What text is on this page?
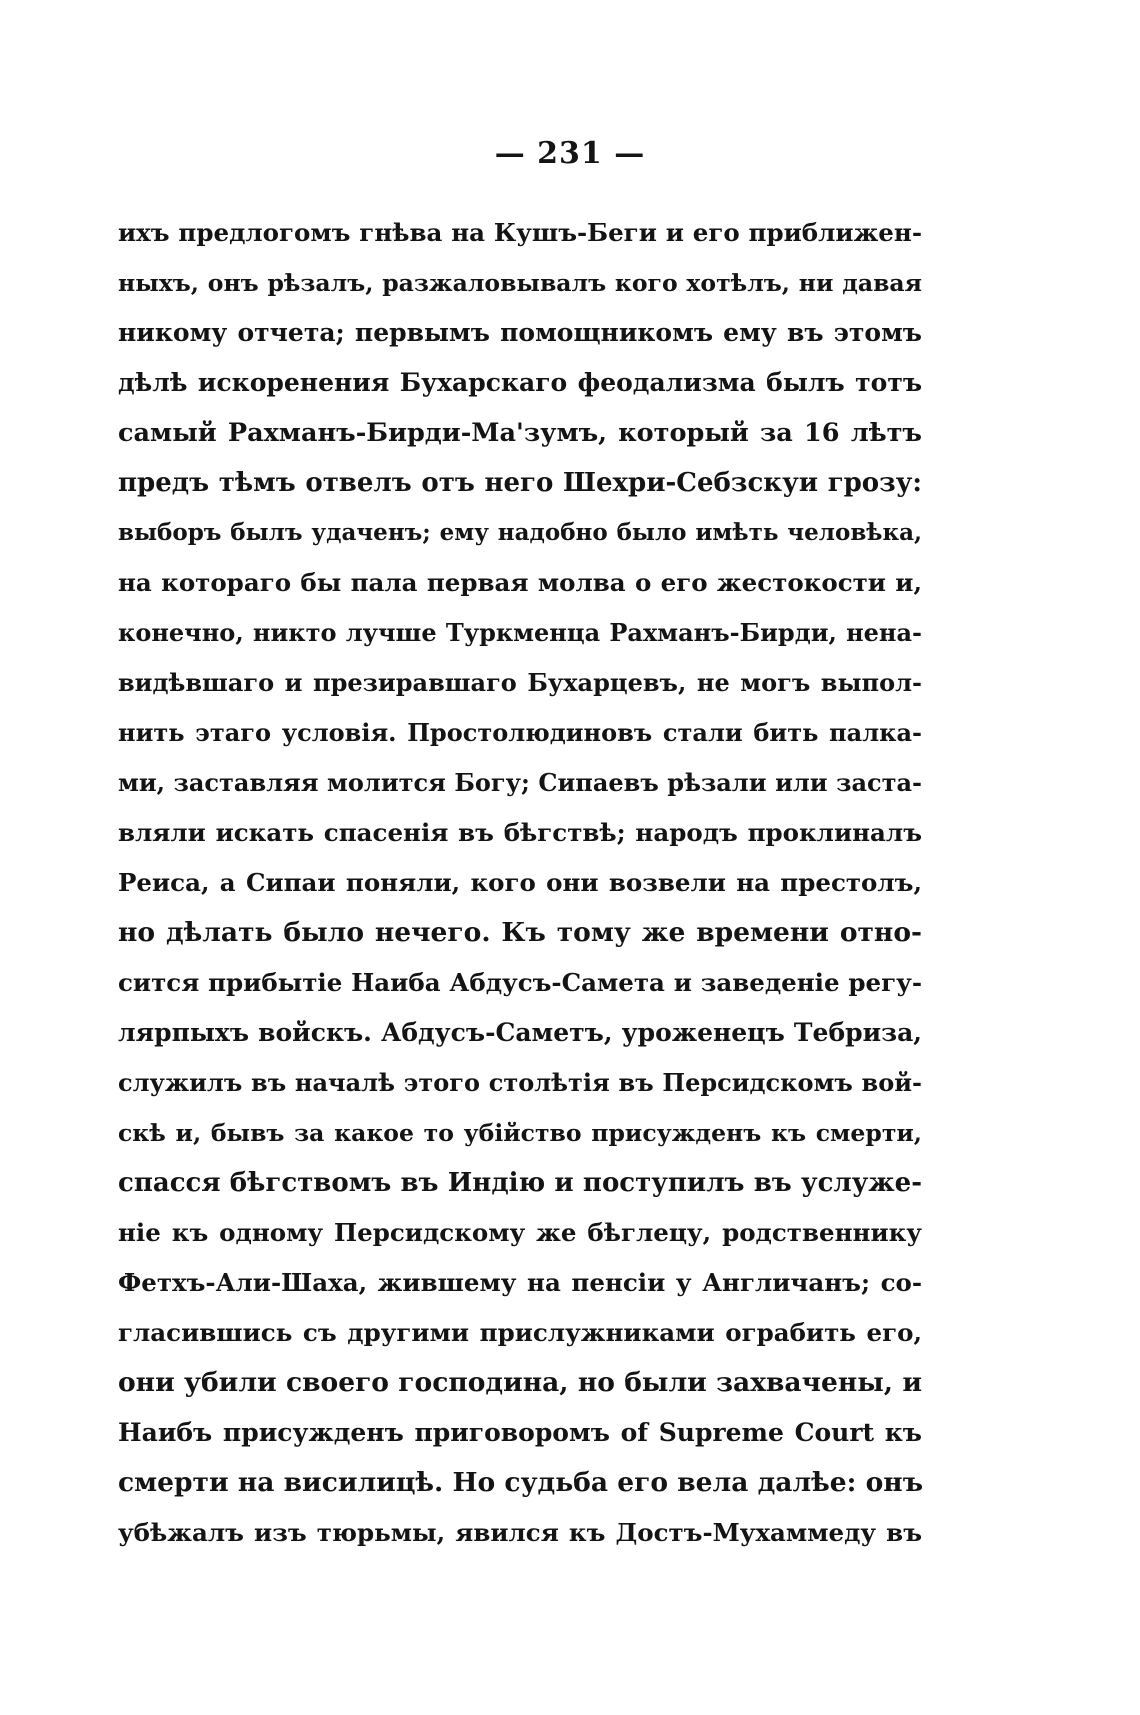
— 231 —
ихъ предлогомъ гнѣва на Кушъ-Беги и его приближен-
ныхъ, онъ рѣзалъ, разжаловывалъ кого хотѣлъ, ни давая
никому отчета; первымъ помощникомъ ему въ этомъ
дѣлѣ искоренения Бухарскаго феодализма былъ тотъ
самый Рахманъ-Бирди-Ма'зумъ, который за 16 лѣтъ
предъ тѣмъ отвелъ отъ него Шехри-Себзскуи грозу:
выборъ былъ удаченъ; ему надобно было имѣть человѣка,
на котораго бы пала первая молва о его жестокости и,
конечно, никто лучше Туркменца Рахманъ-Бирди, нена-
видѣвшаго и презиравшаго Бухарцевъ, не могъ выпол-
нить этаго условія. Простолюдиновъ стали бить палка-
ми, заставляя молится Богу; Сипаевъ рѣзали или заста-
вляли искать спасенія въ бѣгствѣ; народъ проклиналъ
Реиса, а Сипаи поняли, кого они возвели на престолъ,
но дѣлать было нечего. Къ тому же времени отно-
сится прибытіе Наиба Абдусъ-Самета и заведеніе регу-
лярпыхъ войскъ. Абдусъ-Саметъ, уроженецъ Тебриза,
служилъ въ началѣ этого столѣтія въ Персидскомъ вой-
скѣ и, бывъ за какое то убійство присужденъ къ смерти,
спасся бѣгствомъ въ Индію и поступилъ въ услуже-
ніе къ одному Персидскому же бѣглецу, родственнику
Фетхъ-Али-Шаха, жившему на пенсіи у Англичанъ; со-
гласившись съ другими прислужниками ограбить его,
они убили своего господина, но были захвачены, и
Наибъ присужденъ приговоромъ of Supreme Court къ
смерти на висилицѣ. Но судьба его вела далѣе: онъ
убѣжалъ изъ тюрьмы, явился къ Достъ-Мухаммеду въ
